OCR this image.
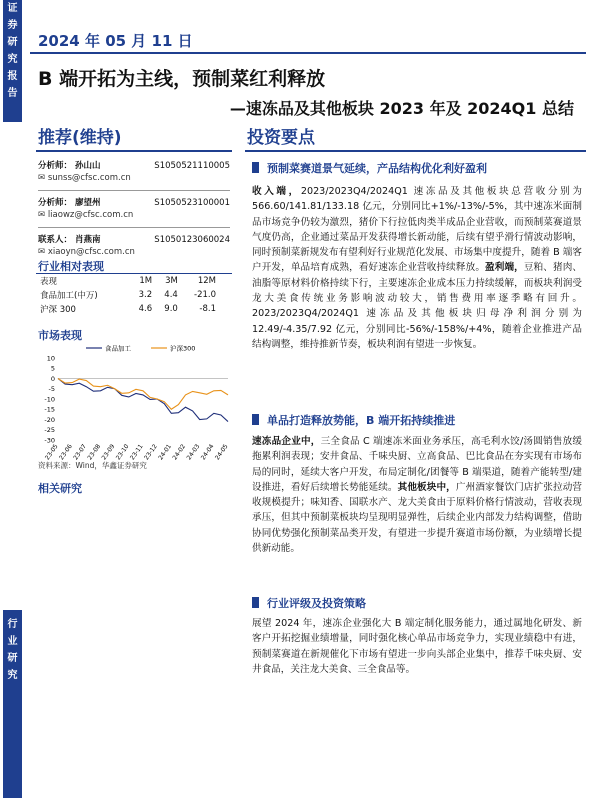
证
券
研
究
报
告
行
业
研
究
2024 年 05 月 11 日
B 端开拓为主线，预制菜红利释放
—速冻品及其他板块 2023 年及 2024Q1 总结
推荐(维持)	投资要点
分析师： 孙山山	S1050521110005
✉ sunss@cfsc.com.cn
分析师： 廖望州	S1050523100001
✉ liaowz@cfsc.com.cn
联系人： 肖燕南	S1050123060024
✉ xiaoyn@cfsc.com.cn
行业相对表现
表现	1M	3M	12M
食品加工(中万)	3.2	4.4	-21.0
沪深 300	4.6	9.0	-8.1
市场表现
食品加工	沪深300
10
5
0
-5
-10
-15
-20
-25
-30
23-05
23-06
23-07
23-08
23-09
23-10
23-11
23-12
24-01
24-02
24-03
24-04
24-05
资料来源：Wind，华鑫证券研究
相关研究
预制菜赛道景气延续，产品结构优化利好盈利
收入端，2023/2023Q4/2024Q1 速冻品及其他板块总营收分别为 566.60/141.81/133.18 亿元，分别同比+1%/-13%/-5%，其中速冻米面制品市场竞争仍较为激烈，猪价下行拉低肉类半成品企业营收，而预制菜赛道景气度仍高，企业通过菜品开发获得增长新动能，后续有望乎滑行情波动影响，同时预制菜新规发布有望利好行业规范化发展、市场集中度提升，随着 B 端客户开发，单品培育成熟，看好速冻企业营收持续释放。盈利端，豆粕、猪肉、油脂等原材料价格持续下行，主要速冻企业成本压力持续缓解，而板块利润受龙大美食传统业务影响波动较大，销售费用率逐季略有回升。2023/2023Q4/2024Q1 速冻品及其他板块归母净利润分别为 12.49/-4.35/7.92 亿元，分别同比-56%/-158%/+4%，随着企业推进产品结构调整，维持推新节奏，板块利润有望进一步恢复。
单品打造释放势能，B 端开拓持续推进
速冻品企业中，三全食品 C 端速冻米面业务承压，高毛利水饺/汤圆销售放缓拖累利润表现；安井食品、千味央厨、立高食品、巴比食品在夯实现有市场布局的同时，延续大客户开发，布局定制化/团餐等 B 端渠道，随着产能转型/建设推进，看好后续增长势能延续。其他板块中，广州酒家餐饮门店扩张拉动营收规模提升；味知香、国联水产、龙大美食由于原料价格行情波动，营收表现承压，但其中预制菜板块均呈现明显弹性，后续企业内部发力结构调整，借助协同优势强化预制菜品类开发，有望进一步提升赛道市场份额，为业绩增长提供新动能。
行业评级及投资策略
展望 2024 年，速冻企业强化大 B 端定制化服务能力，通过属地化研发、新客户开拓挖掘业绩增量，同时强化核心单品市场竞争力，实现业绩稳中有进，预制菜赛道在新规催化下市场有望进一步向头部企业集中，推荐千味央厨、安井食品，关注龙大美食、三全食品等。
